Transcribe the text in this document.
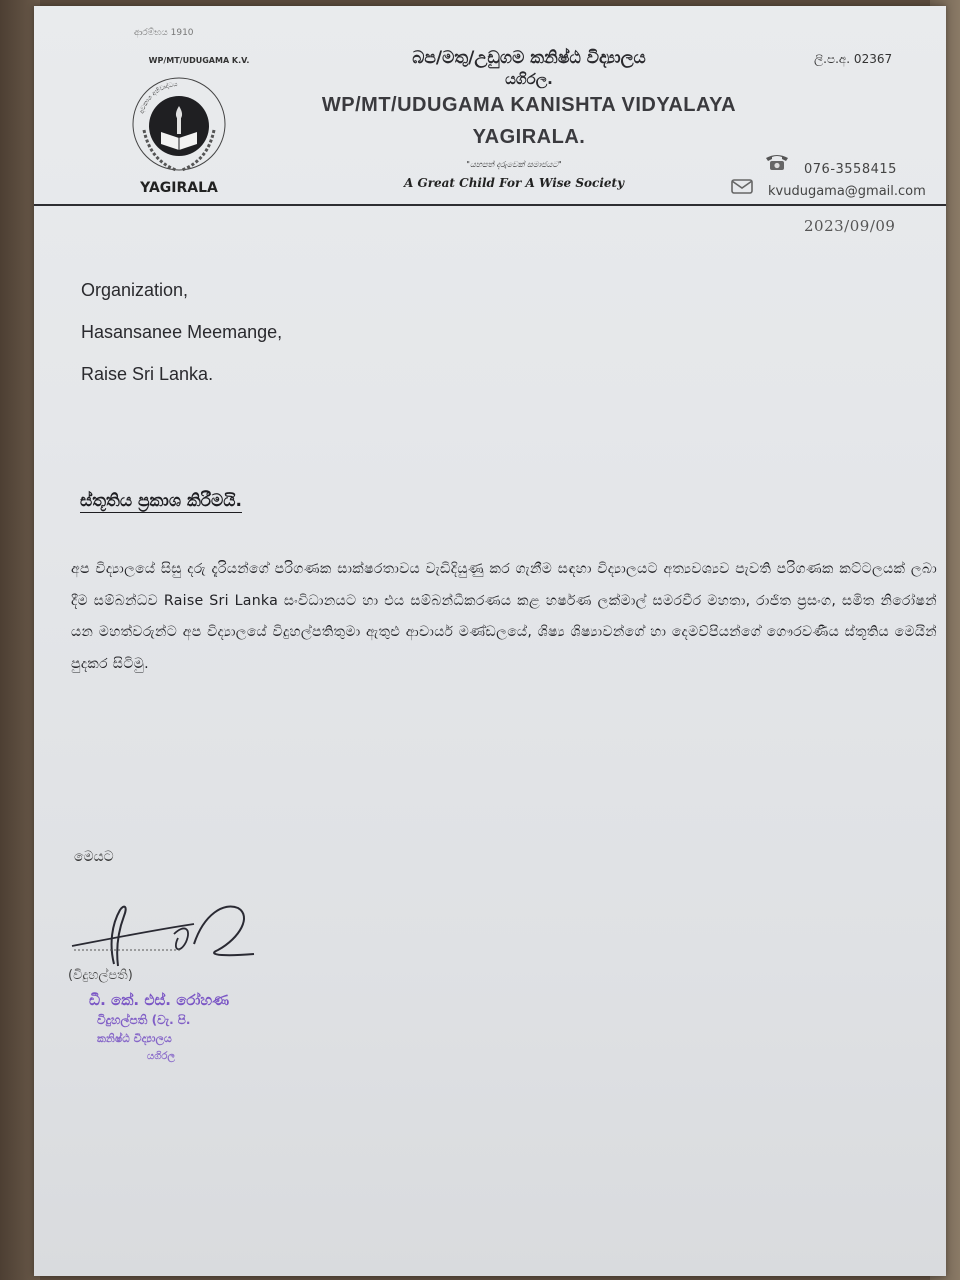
ආරම්භය 1910
WP/MT/UDUGAMA K.V.
අවකාශ අභිවෘද්ධය
YAGIRALA
බප/මතු/උඩුගම කනිෂ්ඨ විද්‍යාලය
යගිරල.
WP/MT/UDUGAMA KANISHTA VIDYALAYA
YAGIRALA.
"යහපත් දරුවෙක් සමාජයට"
A Great Child For A Wise Society
ලි.ප.අ. 02367
076-3558415
kvudugama@gmail.com
2023/09/09
Organization,
Hasansanee Meemange,
Raise Sri Lanka.
ස්තූතිය ප්‍රකාශ කිරීමයි.
අප විද්‍යාලයේ සිසු දරු දැරියන්ගේ පරිගණක සාක්ෂරතාවය වැඩිදියුණු කර ගැනීම සඳහා විද්‍යාලයට අත්‍යවශ්‍යව පැවති පරිගණක කට්ටලයක් ලබා දීම සම්බන්ධව Raise Sri Lanka සංවිධානයට හා එය සම්බන්ධීකරණය කළ හර්ෂණ ලක්මාල් සමරවීර මහතා, රාජිත ප්‍රසංග, සමිත නිරෝෂන් යන මහත්වරුන්ට අප විද්‍යාලයේ විදුහල්පතිතුමා ඇතුළු ආචාර්ය මණ්ඩලයේ, ශිෂ්‍ය ශිෂ්‍යාවන්ගේ හා දෙමව්පියන්ගේ ගෞරවණීය ස්තූතිය මෙයින් පුදකර සිටිමු.
මෙයට
(විදුහල්පති)
ඩී. කේ. එස්. රෝහණ
විදුහල්පති (වැ. පි.
කනිෂ්ඨ විද්‍යාලය
යගිරල
